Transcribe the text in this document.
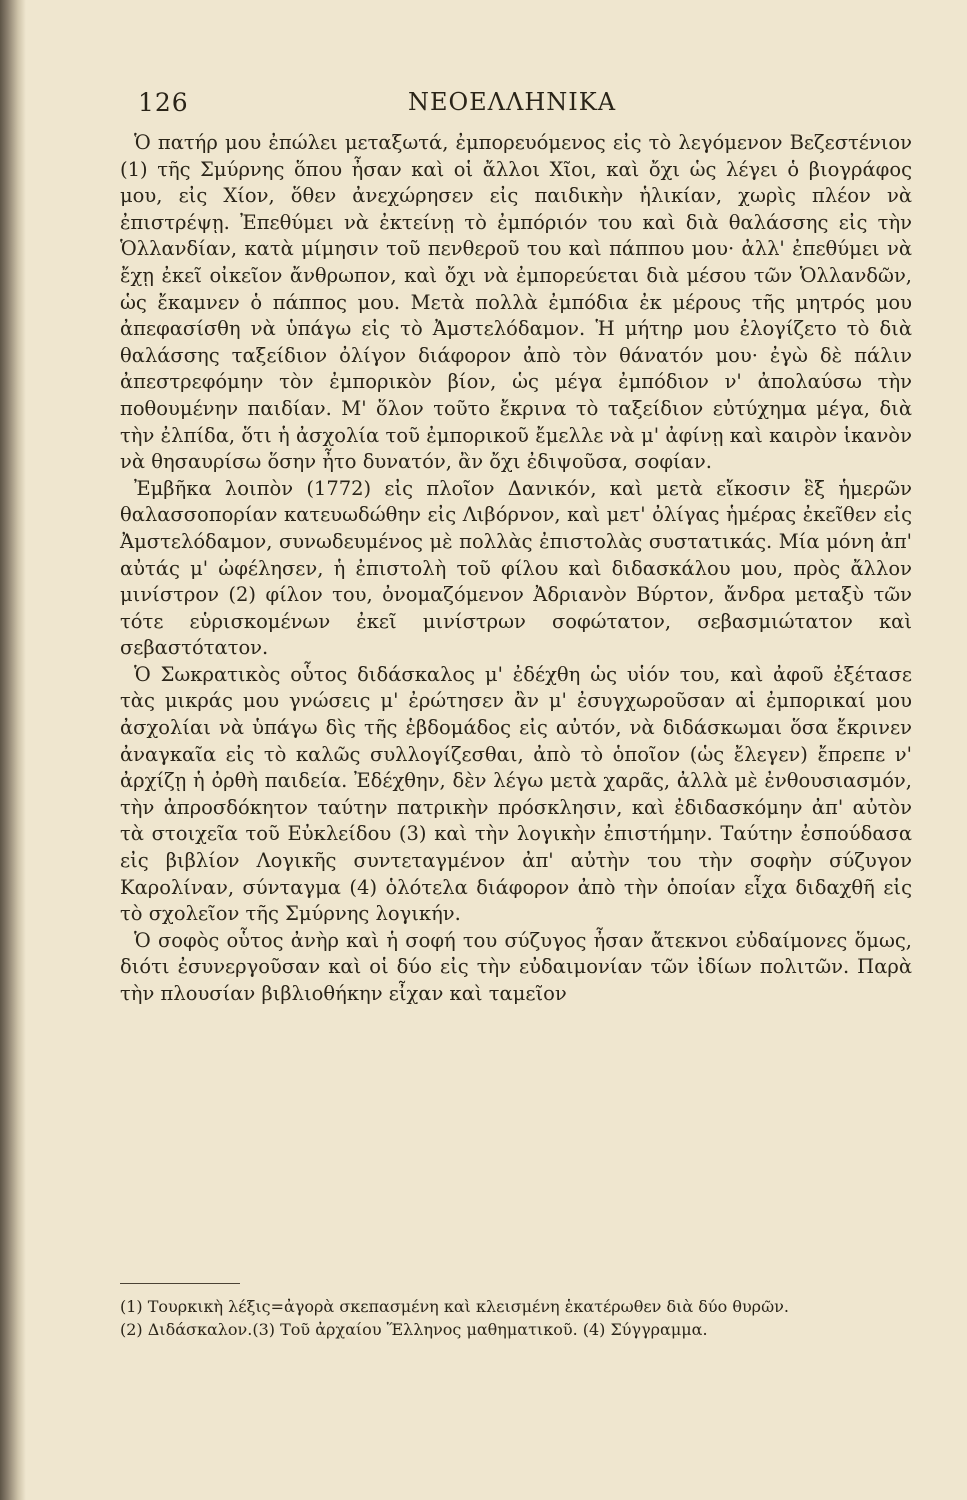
126	ΝΕΟΕΛΛΗΝΙΚΑ

Ὁ πατήρ μου ἐπώλει μεταξωτά, ἐμπορευόμενος εἰς τὸ λεγόμενον Βεζεστένιον (1) τῆς Σμύρνης ὅπου ἦσαν καὶ οἱ ἄλλοι Χῖοι, καὶ ὄχι ὡς λέγει ὁ βιογράφος μου, εἰς Χίον, ὅθεν ἀνεχώρησεν εἰς παιδικὴν ἡλικίαν, χωρὶς πλέον νὰ ἐπιστρέψῃ. Ἐπεθύμει νὰ ἐκτείνῃ τὸ ἐμπόριόν του καὶ διὰ θαλάσσης εἰς τὴν Ὁλλανδίαν, κατὰ μίμησιν τοῦ πενθεροῦ του καὶ πάππου μου· ἀλλ' ἐπεθύμει νὰ ἔχῃ ἐκεῖ οἰκεῖον ἄνθρωπον, καὶ ὄχι νὰ ἐμπορεύεται διὰ μέσου τῶν Ὁλλανδῶν, ὡς ἔκαμνεν ὁ πάππος μου. Μετὰ πολλὰ ἐμπόδια ἐκ μέρους τῆς μητρός μου ἀπεφασίσθη νὰ ὑπάγω εἰς τὸ Ἀμστελόδαμον. Ἡ μήτηρ μου ἐλογίζετο τὸ διὰ θαλάσσης ταξείδιον ὀλίγον διάφορον ἀπὸ τὸν θάνατόν μου· ἐγὼ δὲ πάλιν ἀπεστρεφόμην τὸν ἐμπορικὸν βίον, ὡς μέγα ἐμπόδιον ν' ἀπολαύσω τὴν ποθουμένην παιδίαν. Μ' ὅλον τοῦτο ἔκρινα τὸ ταξείδιον εὐτύχημα μέγα, διὰ τὴν ἐλπίδα, ὅτι ἡ ἀσχολία τοῦ ἐμπορικοῦ ἔμελλε νὰ μ' ἀφίνῃ καὶ καιρὸν ἱκανὸν νὰ θησαυρίσω ὅσην ἦτο δυνατόν, ἂν ὄχι ἐδιψοῦσα, σοφίαν.

Ἐμβῆκα λοιπὸν (1772) εἰς πλοῖον Δανικόν, καὶ μετὰ εἴκοσιν ἓξ ἡμερῶν θαλασσοπορίαν κατευωδώθην εἰς Λιβόρνον, καὶ μετ' ὀλίγας ἡμέρας ἐκεῖθεν εἰς Ἀμστελόδαμον, συνωδευμένος μὲ πολλὰς ἐπιστολὰς συστατικάς. Μία μόνη ἀπ' αὐτάς μ' ὠφέλησεν, ἡ ἐπιστολὴ τοῦ φίλου καὶ διδασκάλου μου, πρὸς ἄλλον μινίστρον (2) φίλον του, ὀνομαζόμενον Ἀδριανὸν Βύρτον, ἄνδρα μεταξὺ τῶν τότε εὑρισκομένων ἐκεῖ μινίστρων σοφώτατον, σεβασμιώτατον καὶ σεβαστότατον.

Ὁ Σωκρατικὸς οὗτος διδάσκαλος μ' ἐδέχθη ὡς υἱόν του, καὶ ἀφοῦ ἐξέτασε τὰς μικράς μου γνώσεις μ' ἐρώτησεν ἂν μ' ἐσυγχωροῦσαν αἱ ἐμπορικαί μου ἀσχολίαι νὰ ὑπάγω δὶς τῆς ἑβδομάδος εἰς αὐτόν, νὰ διδάσκωμαι ὅσα ἔκρινεν ἀναγκαῖα εἰς τὸ καλῶς συλλογίζεσθαι, ἀπὸ τὸ ὁποῖον (ὡς ἔλεγεν) ἔπρεπε ν' ἀρχίζῃ ἡ ὀρθὴ παιδεία. Ἐδέχθην, δὲν λέγω μετὰ χαρᾶς, ἀλλὰ μὲ ἐνθουσιασμόν, τὴν ἀπροσδόκητον ταύτην πατρικὴν πρόσκλησιν, καὶ ἐδιδασκόμην ἀπ' αὐτὸν τὰ στοιχεῖα τοῦ Εὐκλείδου (3) καὶ τὴν λογικὴν ἐπιστήμην. Ταύτην ἐσπούδασα εἰς βιβλίον Λογικῆς συντεταγμένον ἀπ' αὐτὴν του τὴν σοφὴν σύζυγον Καρολίναν, σύνταγμα (4) ὁλότελα διάφορον ἀπὸ τὴν ὁποίαν εἶχα διδαχθῆ εἰς τὸ σχολεῖον τῆς Σμύρνης λογικήν.

Ὁ σοφὸς οὗτος ἀνὴρ καὶ ἡ σοφή του σύζυγος ἦσαν ἄτεκνοι εὐδαίμονες ὅμως, διότι ἐσυνεργοῦσαν καὶ οἱ δύο εἰς τὴν εὐδαιμονίαν τῶν ἰδίων πολιτῶν. Παρὰ τὴν πλουσίαν βιβλιοθήκην εἶχαν καὶ ταμεῖον

(1) Τουρκικὴ λέξις=ἀγορὰ σκεπασμένη καὶ κλεισμένη ἑκατέρωθεν διὰ δύο θυρῶν.

(2) Διδάσκαλον.(3) Τοῦ ἀρχαίου Ἕλληνος μαθηματικοῦ. (4) Σύγγραμμα.
